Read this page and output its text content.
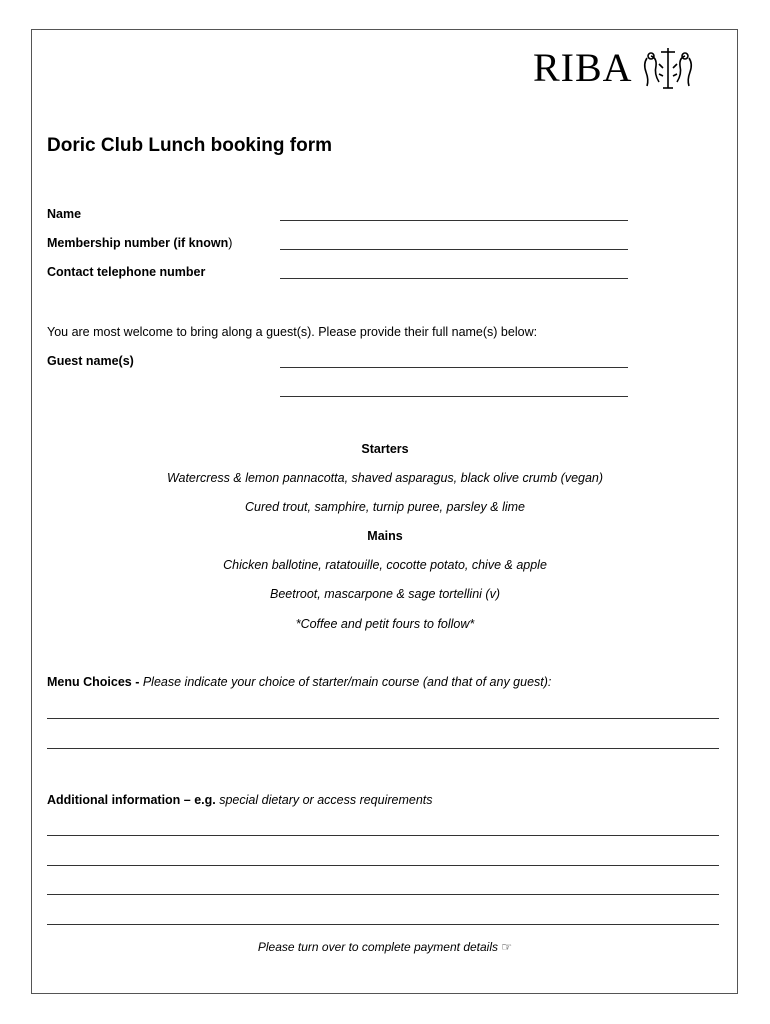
RIBA
Doric Club Lunch booking form
Name
Membership number (if known)
Contact telephone number
You are most welcome to bring along a guest(s). Please provide their full name(s) below:
Guest name(s)
Starters
Watercress & lemon pannacotta, shaved asparagus, black olive crumb (vegan)
Cured trout, samphire, turnip puree, parsley & lime
Mains
Chicken ballotine, ratatouille, cocotte potato, chive & apple
Beetroot, mascarpone & sage tortellini (v)
*Coffee and petit fours to follow*
Menu Choices - Please indicate your choice of starter/main course (and that of any guest):
Additional information – e.g. special dietary or access requirements
Please turn over to complete payment details ☞
